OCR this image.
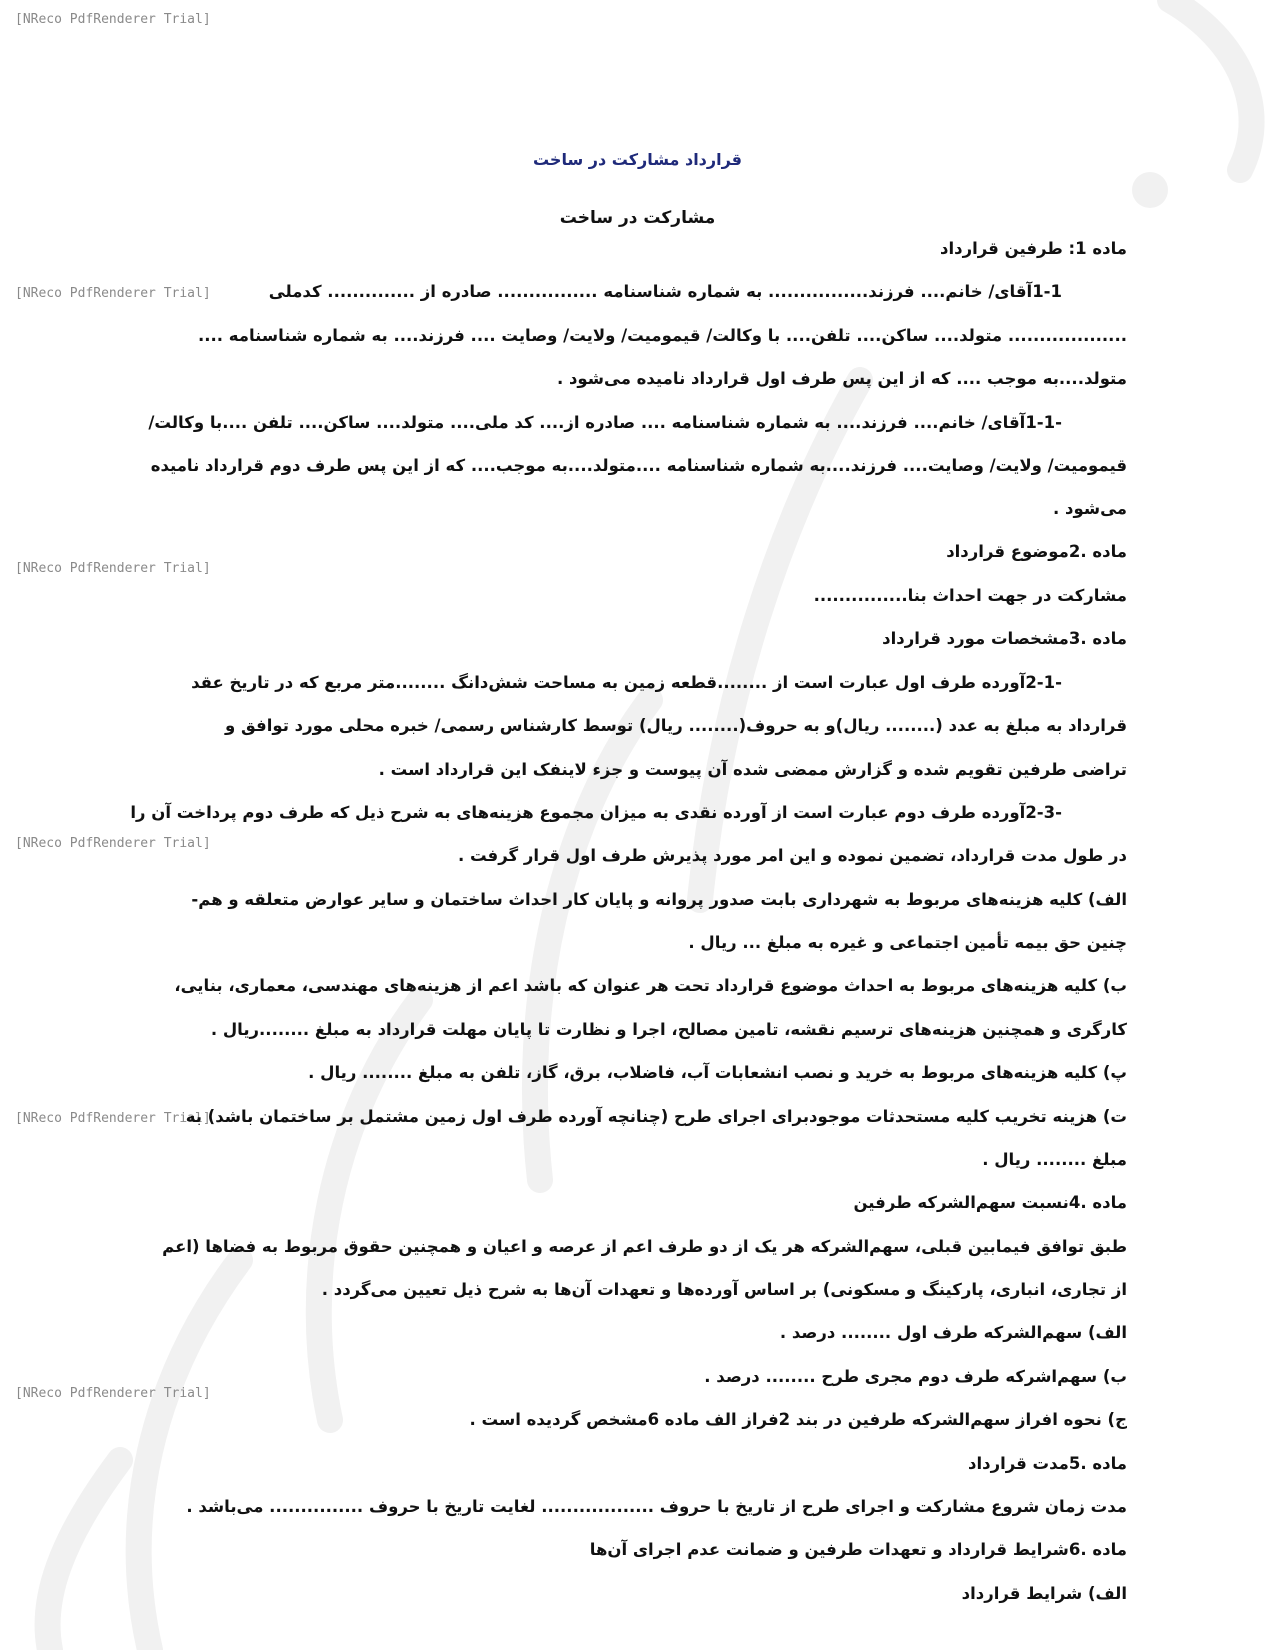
[NReco PdfRenderer Trial]
[NReco PdfRenderer Trial]
[NReco PdfRenderer Trial]
[NReco PdfRenderer Trial]
[NReco PdfRenderer Trial]
[NReco PdfRenderer Trial]
قرارداد مشارکت در ساخت
مشارکت در ساخت
ماده 1: طرفین قرارداد
1-1آقای/ خانم.... فرزند................ به شماره شناسنامه ................ صادره از .............. کدملی
................... متولد.... ساکن.... تلفن.... با وکالت/ قیمومیت/ ولایت/ وصایت .... فرزند.... به شماره شناسنامه ....
متولد....به موجب .... که از این پس طرف اول قرارداد نامیده می‌شود .
-1-1آقای/ خانم.... فرزند.... به شماره شناسنامه .... صادره از.... کد ملی.... متولد.... ساکن.... تلفن ....با وکالت/
قیمومیت/ ولایت/ وصایت.... فرزند....به شماره شناسنامه ....متولد....به موجب.... که از این پس طرف دوم قرارداد نامیده
می‌شود .
ماده .2موضوع قرارداد
مشارکت در جهت احداث بنا...............
ماده .3مشخصات مورد قرارداد
-2-1آورده طرف اول عبارت است از ........قطعه زمین به مساحت شش‌دانگ ........متر مربع که در تاریخ عقد
قرارداد به مبلغ به عدد (........ ریال)و به حروف(........ ریال) توسط کارشناس رسمی/ خبره محلی مورد توافق و
تراضی طرفین تقویم شده و گزارش ممضی شده آن پیوست و جزء لاینفک این قرارداد است .
-2-3آورده طرف دوم عبارت است از آورده نقدی به میزان مجموع هزینه‌های به شرح ذیل که طرف دوم پرداخت آن را
در طول مدت قرارداد، تضمین نموده و این امر مورد پذیرش طرف اول قرار گرفت .
الف) کلیه هزینه‌های مربوط به شهرداری بابت صدور پروانه و پایان کار احداث ساختمان و سایر عوارض متعلقه و هم-
چنین حق بیمه تأمین اجتماعی و غیره به مبلغ ... ریال .
ب) کلیه هزینه‌های مربوط به احداث موضوع قرارداد تحت هر عنوان که باشد اعم از هزینه‌های مهندسی، معماری، بنایی،
کارگری و همچنین هزینه‌های ترسیم نقشه، تامین مصالح، اجرا و نظارت تا پایان مهلت قرارداد به مبلغ ........ریال .
پ) کلیه هزینه‌های مربوط به خرید و نصب انشعابات آب، فاضلاب، برق، گاز، تلفن به مبلغ ........ ریال .
ت) هزینه تخریب کلیه مستحدثات موجودبرای اجرای طرح (چنانچه آورده طرف اول زمین مشتمل بر ساختمان باشد) به
مبلغ ........ ریال .
ماده .4نسبت سهم‌الشرکه طرفین
طبق توافق فیمابین قبلی، سهم‌الشرکه هر یک از دو طرف اعم از عرصه و اعیان و همچنین حقوق مربوط به فضاها (اعم
از تجاری، انباری، پارکینگ و مسکونی) بر اساس آورده‌ها و تعهدات آن‌ها به شرح ذیل تعیین می‌گردد .
الف) سهم‌الشرکه طرف اول ........ درصد .
ب) سهم‌اشرکه طرف دوم مجری طرح ........ درصد .
ج) نحوه افراز سهم‌الشرکه طرفین در بند 2فراز الف ماده 6مشخص گردیده است .
ماده .5مدت قرارداد
مدت زمان شروع مشارکت و اجرای طرح از تاریخ با حروف .................. لغایت تاریخ با حروف ............... می‌باشد .
ماده .6شرایط قرارداد و تعهدات طرفین و ضمانت عدم اجرای آن‌ها
الف) شرایط قرارداد
